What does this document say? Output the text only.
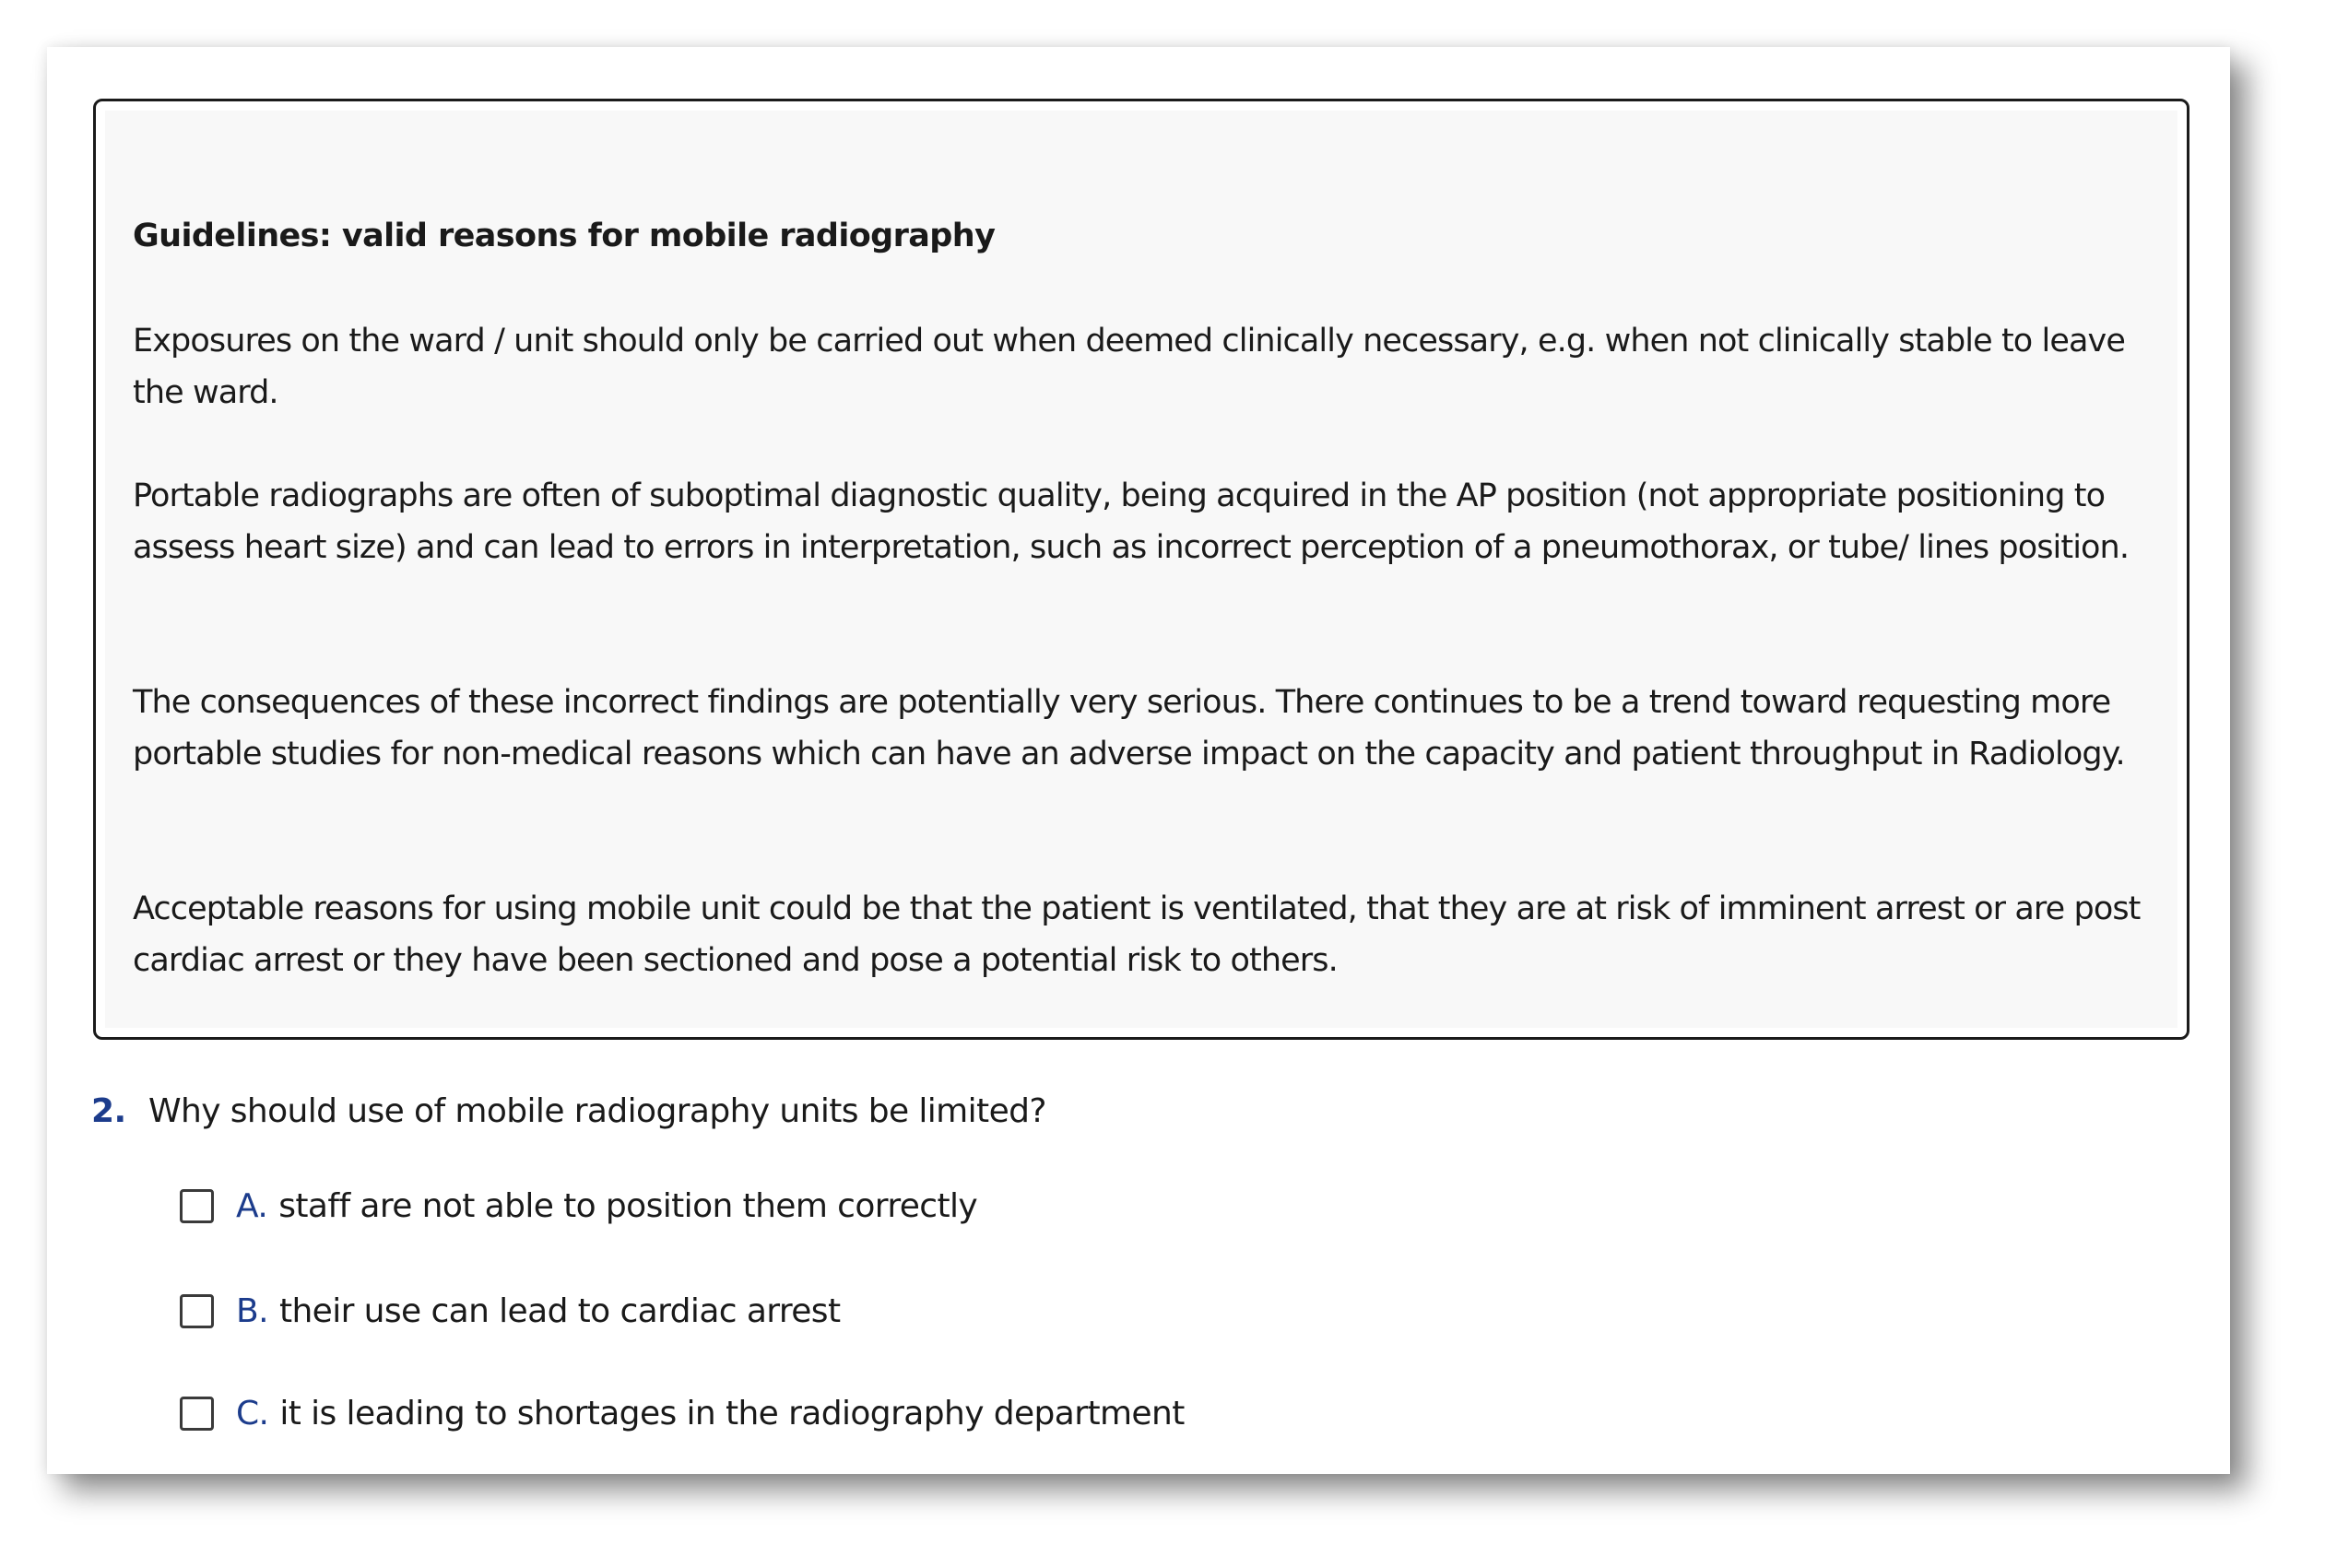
Guidelines: valid reasons for mobile radiography

Exposures on the ward / unit should only be carried out when deemed clinically necessary, e.g. when not clinically stable to leave the ward.

Portable radiographs are often of suboptimal diagnostic quality, being acquired in the AP position (not appropriate positioning to assess heart size) and can lead to errors in interpretation, such as incorrect perception of a pneumothorax, or tube/ lines position.

The consequences of these incorrect findings are potentially very serious. There continues to be a trend toward requesting more portable studies for non-medical reasons which can have an adverse impact on the capacity and patient throughput in Radiology.

Acceptable reasons for using mobile unit could be that the patient is ventilated, that they are at risk of imminent arrest or are post cardiac arrest or they have been sectioned and pose a potential risk to others.

2. Why should use of mobile radiography units be limited?
A. staff are not able to position them correctly
B. their use can lead to cardiac arrest
C. it is leading to shortages in the radiography department
